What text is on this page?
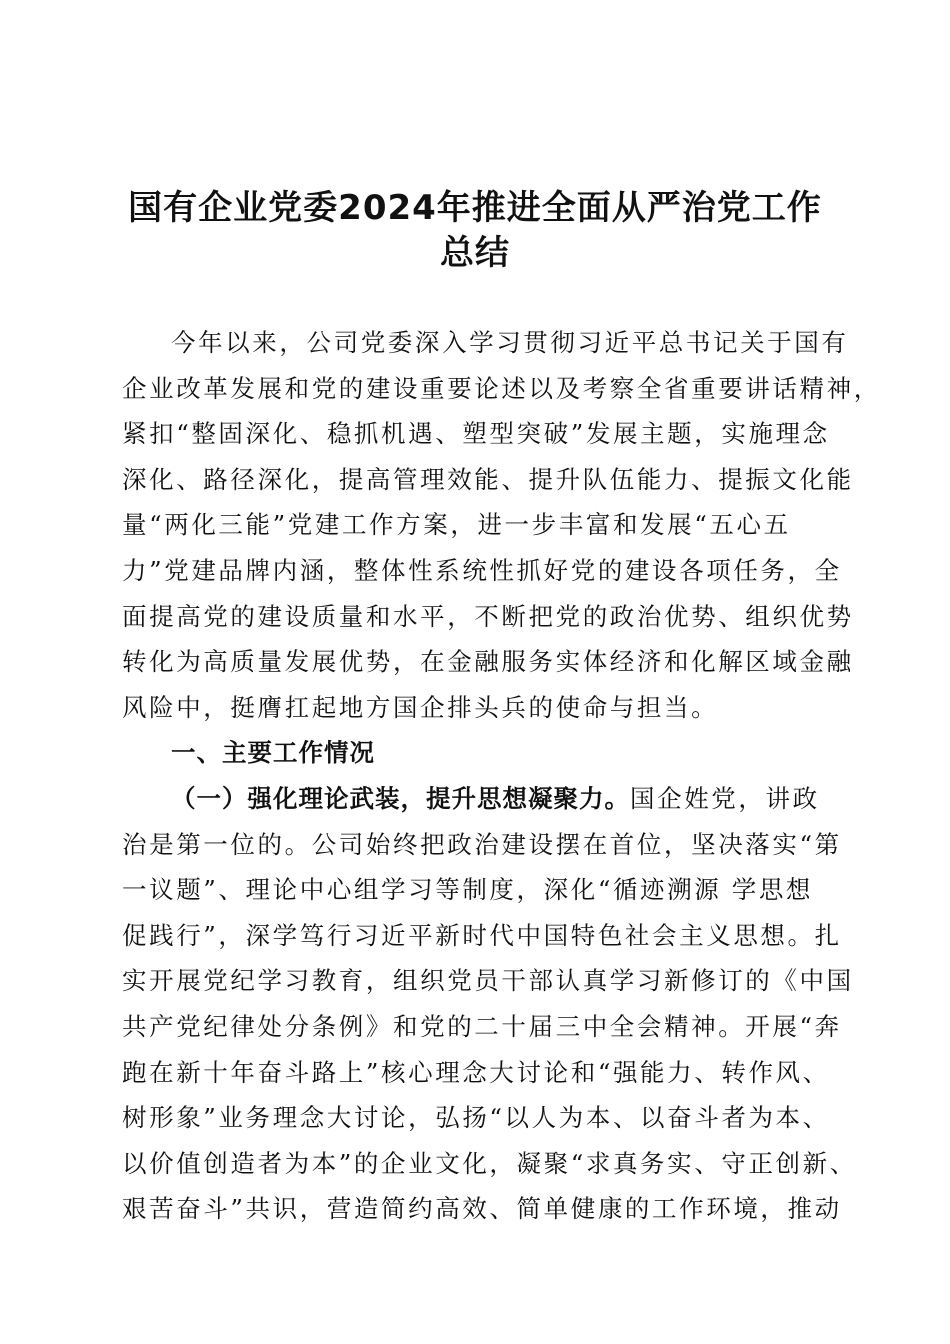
国有企业党委2024年推进全面从严治党工作
总结
今年以来，公司党委深入学习贯彻习近平总书记关于国有
企业改革发展和党的建设重要论述以及考察全省重要讲话精神，
紧扣“整固深化、稳抓机遇、塑型突破”发展主题，实施理念
深化、路径深化，提高管理效能、提升队伍能力、提振文化能
量“两化三能”党建工作方案，进一步丰富和发展“五心五
力”党建品牌内涵，整体性系统性抓好党的建设各项任务，全
面提高党的建设质量和水平，不断把党的政治优势、组织优势
转化为高质量发展优势，在金融服务实体经济和化解区域金融
风险中，挺膺扛起地方国企排头兵的使命与担当。
一、主要工作情况
（一）强化理论武装，提升思想凝聚力。国企姓党，讲政
治是第一位的。公司始终把政治建设摆在首位，坚决落实“第
一议题”、理论中心组学习等制度，深化“循迹溯源 学思想
促践行”，深学笃行习近平新时代中国特色社会主义思想。扎
实开展党纪学习教育，组织党员干部认真学习新修订的《中国
共产党纪律处分条例》和党的二十届三中全会精神。开展“奔
跑在新十年奋斗路上”核心理念大讨论和“强能力、转作风、
树形象”业务理念大讨论，弘扬“以人为本、以奋斗者为本、
以价值创造者为本”的企业文化，凝聚“求真务实、守正创新、
艰苦奋斗”共识，营造简约高效、简单健康的工作环境，推动
